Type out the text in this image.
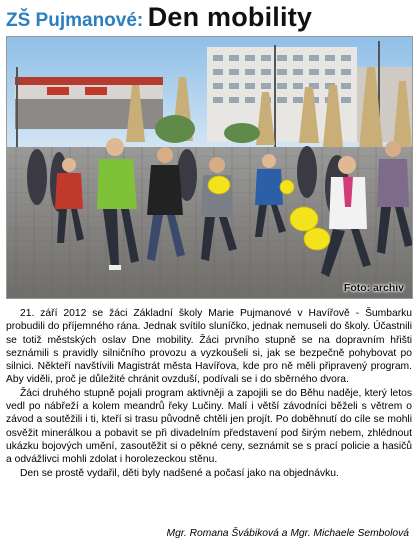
ZŠ Pujmanové: Den mobility
Foto: archiv

21. září 2012 se žáci Základní školy Marie Pujmanové v Havířově - Šumbarku probudili do příjemného rána. Jednak svítilo sluníčko, jednak nemuseli do školy. Účastnili se totiž městských oslav Dne mobility. Žáci prvního stupně se na dopravním hřišti seznámili s pravidly silničního provozu a vyzkoušeli si, jak se bezpečně pohybovat po silnici. Někteří navštívili Magistrát města Havířova, kde pro ně měli připravený program. Aby viděli, proč je důležité chránit ovzduší, podívali se i do sběrného dvora.

Žáci druhého stupně pojali program aktivněji a zapojili se do Běhu naděje, který letos vedl po nábřeží a kolem meandrů řeky Lučiny. Malí i větší závodníci běželi s větrem o závod a soutěžili i ti, kteří si trasu původně chtěli jen projít. Po doběhnutí do cíle se mohli osvěžit minerálkou a pobavit se při divadelním představení pod širým nebem, zhlédnout ukázku bojových umění, zasoutěžit si o pěkné ceny, seznámit se s prací policie a hasičů a odvážlivci mohli zdolat i horolezeckou stěnu.

Den se prostě vydařil, děti byly nadšené a počasí jako na objednávku.

Mgr. Romana Švábiková a Mgr. Michaele Sembolová
